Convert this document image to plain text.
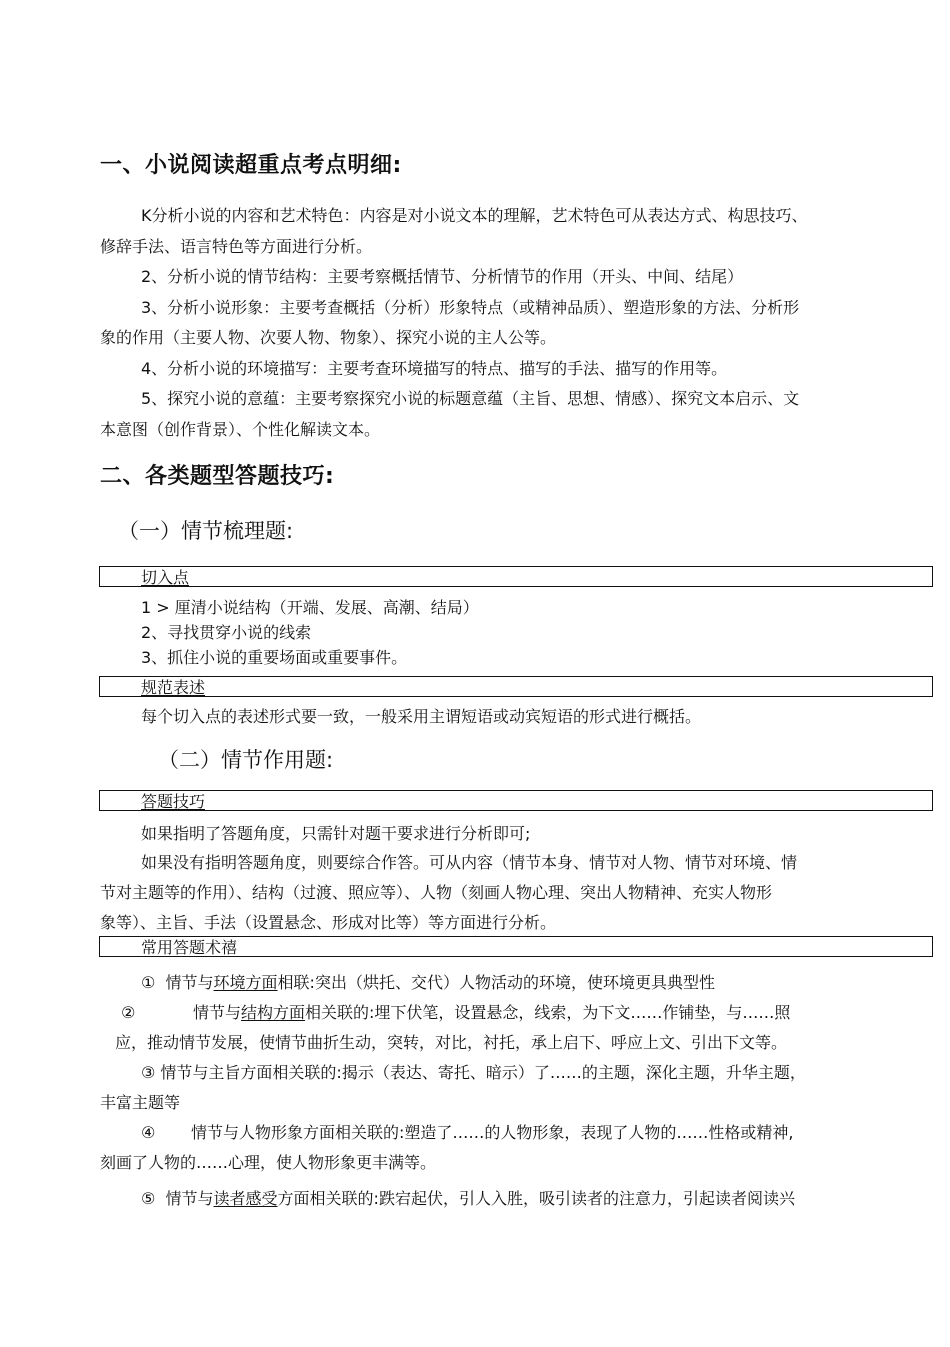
一、小说阅读超重点考点明细:
K分析小说的内容和艺术特色：内容是对小说文本的理解，艺术特色可从表达方式、构思技巧、
修辞手法、语言特色等方面进行分析。
2、分析小说的情节结构：主要考察概括情节、分析情节的作用（开头、中间、结尾）
3、分析小说形象：主要考查概括（分析）形象特点（或精神品质）、塑造形象的方法、分析形
象的作用（主要人物、次要人物、物象）、探究小说的主人公等。
4、分析小说的环境描写：主要考查环境描写的特点、描写的手法、描写的作用等。
5、探究小说的意蕴：主要考察探究小说的标题意蕴（主旨、思想、情感）、探究文本启示、文
本意图（创作背景）、个性化解读文本。
二、各类题型答题技巧:
（一）情节梳理题:
切入点
1 > 厘清小说结构（开端、发展、高潮、结局）
2、寻找贯穿小说的线索
3、抓住小说的重要场面或重要事件。
规范表述
每个切入点的表述形式要一致，一般采用主谓短语或动宾短语的形式进行概括。
（二）情节作用题:
答题技巧
如果指明了答题角度，只需针对题干要求进行分析即可;
如果没有指明答题角度，则要综合作答。可从内容（情节本身、情节对人物、情节对环境、情
节对主题等的作用）、结构（过渡、照应等）、人物（刻画人物心理、突出人物精神、充实人物形
象等）、主旨、手法（设置悬念、形成对比等）等方面进行分析。
常用答题术禧
① 情节与环境方面相联:突出（烘托、交代）人物活动的环境，使环境更具典型性
②	情节与结构方面相关联的:埋下伏笔，设置悬念，线索，为下文……作铺垫，与……照
应，推动情节发展，使情节曲折生动，突转，对比，衬托，承上启下、呼应上文、引出下文等。
③ 情节与主旨方面相关联的:揭示（表达、寄托、暗示）了……的主题，深化主题，升华主题，
丰富主题等
④ 情节与人物形象方面相关联的:塑造了……的人物形象，表现了人物的……性格或精神,
刻画了人物的……心理，使人物形象更丰满等。
⑤ 情节与读者感受方面相关联的:跌宕起伏，引人入胜，吸引读者的注意力，引起读者阅读兴
